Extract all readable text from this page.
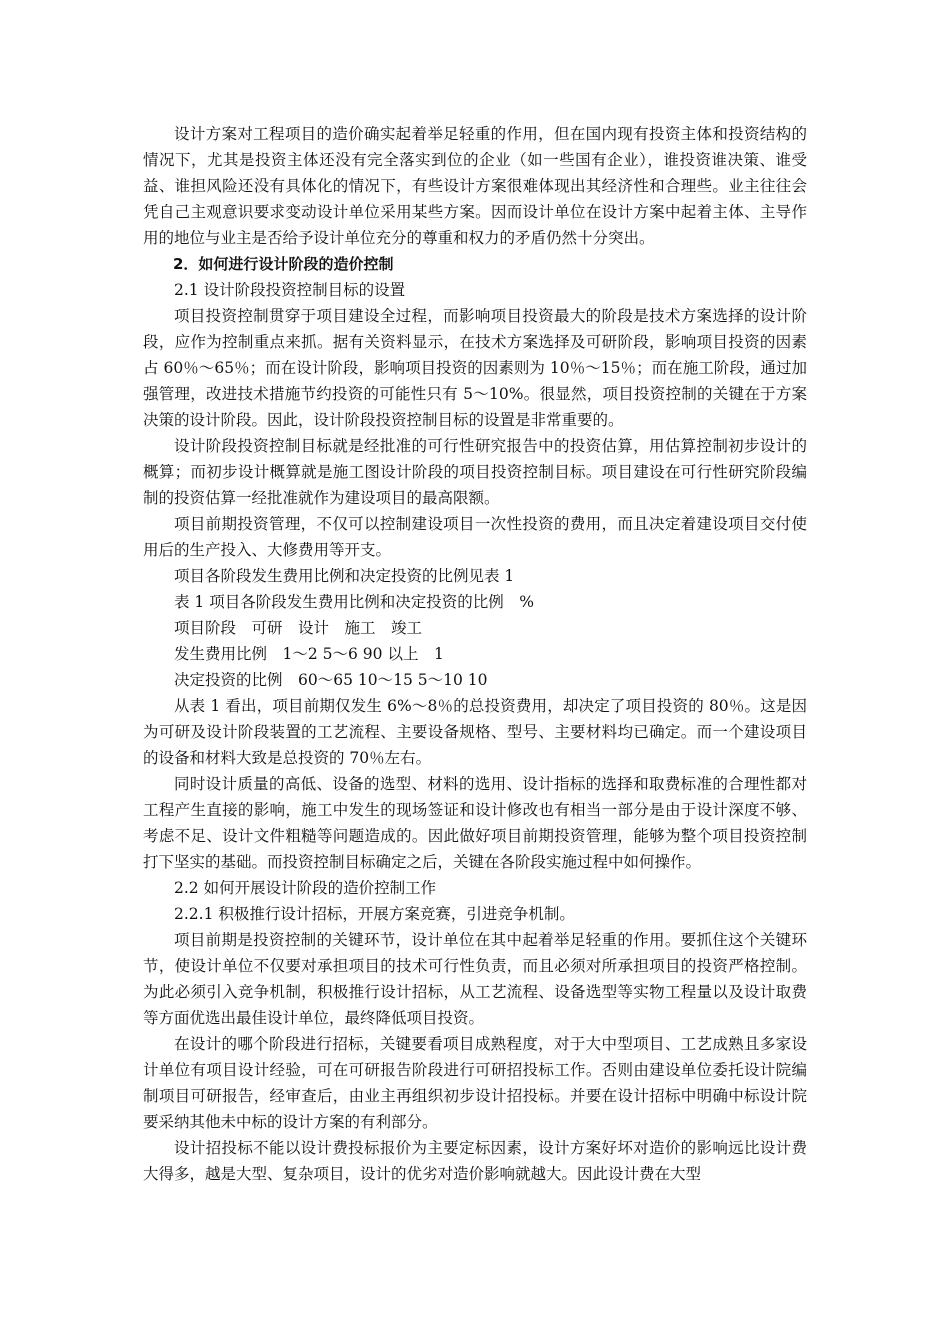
设计方案对工程项目的造价确实起着举足轻重的作用，但在国内现有投资主体和投资结构的情况下，尤其是投资主体还没有完全落实到位的企业（如一些国有企业），谁投资谁决策、谁受益、谁担风险还没有具体化的情况下，有些设计方案很难体现出其经济性和合理些。业主往往会凭自己主观意识要求变动设计单位采用某些方案。因而设计单位在设计方案中起着主体、主导作用的地位与业主是否给予设计单位充分的尊重和权力的矛盾仍然十分突出。

2．如何进行设计阶段的造价控制

2.1 设计阶段投资控制目标的设置

项目投资控制贯穿于项目建设全过程，而影响项目投资最大的阶段是技术方案选择的设计阶段，应作为控制重点来抓。据有关资料显示，在技术方案选择及可研阶段，影响项目投资的因素占 60％～65％；而在设计阶段，影响项目投资的因素则为 10％～15％；而在施工阶段，通过加强管理，改进技术措施节约投资的可能性只有 5～10%。很显然，项目投资控制的关键在于方案决策的设计阶段。因此，设计阶段投资控制目标的设置是非常重要的。

设计阶段投资控制目标就是经批准的可行性研究报告中的投资估算，用估算控制初步设计的概算；而初步设计概算就是施工图设计阶段的项目投资控制目标。项目建设在可行性研究阶段编制的投资估算一经批准就作为建设项目的最高限额。

项目前期投资管理，不仅可以控制建设项目一次性投资的费用，而且决定着建设项目交付使用后的生产投入、大修费用等开支。

项目各阶段发生费用比例和决定投资的比例见表 1

表 1 项目各阶段发生费用比例和决定投资的比例　%

项目阶段　可研　设计　施工　竣工

发生费用比例　1～2 5～6 90 以上　1

决定投资的比例　60～65 10～15 5～10 10

从表 1 看出，项目前期仅发生 6%～8％的总投资费用，却决定了项目投资的 80％。这是因为可研及设计阶段装置的工艺流程、主要设备规格、型号、主要材料均已确定。而一个建设项目的设备和材料大致是总投资的 70％左右。

同时设计质量的高低、设备的选型、材料的选用、设计指标的选择和取费标准的合理性都对工程产生直接的影响，施工中发生的现场签证和设计修改也有相当一部分是由于设计深度不够、考虑不足、设计文件粗糙等问题造成的。因此做好项目前期投资管理，能够为整个项目投资控制打下坚实的基础。而投资控制目标确定之后，关键在各阶段实施过程中如何操作。

2.2 如何开展设计阶段的造价控制工作

2.2.1 积极推行设计招标，开展方案竞赛，引进竞争机制。

项目前期是投资控制的关键环节，设计单位在其中起着举足轻重的作用。要抓住这个关键环节，使设计单位不仅要对承担项目的技术可行性负责，而且必须对所承担项目的投资严格控制。为此必须引入竞争机制，积极推行设计招标，从工艺流程、设备选型等实物工程量以及设计取费等方面优选出最佳设计单位，最终降低项目投资。

在设计的哪个阶段进行招标，关键要看项目成熟程度，对于大中型项目、工艺成熟且多家设计单位有项目设计经验，可在可研报告阶段进行可研招投标工作。否则由建设单位委托设计院编制项目可研报告，经审查后，由业主再组织初步设计招投标。并要在设计招标中明确中标设计院要采纳其他未中标的设计方案的有利部分。

设计招投标不能以设计费投标报价为主要定标因素，设计方案好坏对造价的影响远比设计费大得多，越是大型、复杂项目，设计的优劣对造价影响就越大。因此设计费在大型
